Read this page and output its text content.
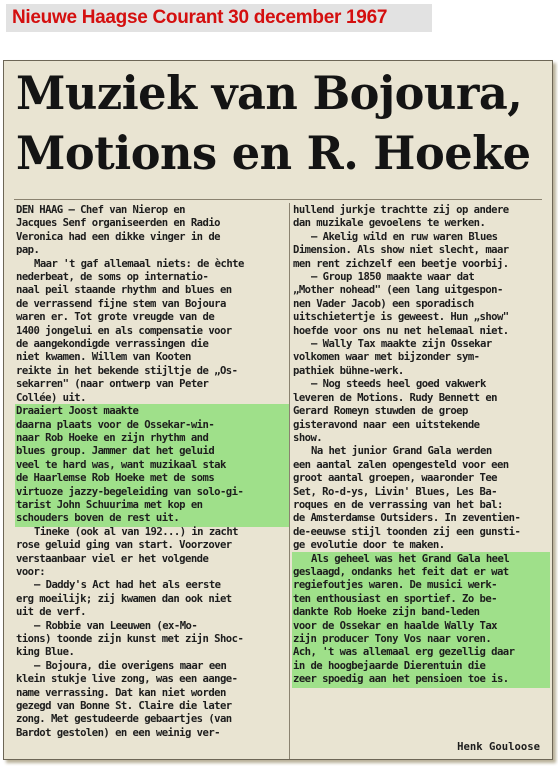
Nieuwe Haagse Courant 30 december 1967
Muziek van Bojoura,
Motions en R. Hoeke

DEN HAAG — Chef van Nierop en
Jacques Senf organiseerden en Radio
Veronica had een dikke vinger in de
pap.

Maar 't gaf allemaal niets: de èchte
nederbeat, de soms op internatio-
naal peil staande rhythm and blues en
de verrassend fijne stem van Bojoura
waren er. Tot grote vreugde van de
1400 jongelui en als compensatie voor
de aangekondigde verrassingen die
niet kwamen. Willem van Kooten
reikte in het bekende stijltje de „Os-
sekarren" (naar ontwerp van Peter
Collée) uit.
Draaiert Joost maakte
daarna plaats voor de Ossekar-win-
naar Rob Hoeke en zijn rhythm and
blues group. Jammer dat het geluid
veel te hard was, want muzikaal stak
de Haarlemse Rob Hoeke met de soms
virtuoze jazzy-begeleiding van solo-gi-
tarist John Schuurima met kop en
schouders boven de rest uit.

Tineke (ook al van 192...) in zacht
rose geluid ging van start. Voorzover
verstaanbaar viel er het volgende
voor:

— Daddy's Act had het als eerste
erg moeilijk; zij kwamen dan ook niet
uit de verf.

— Robbie van Leeuwen (ex-Mo-
tions) toonde zijn kunst met zijn Shoc-
king Blue.

— Bojoura, die overigens maar een
klein stukje live zong, was een aange-
name verrassing. Dat kan niet worden
gezegd van Bonne St. Claire die later
zong. Met gestudeerde gebaartjes (van
Bardot gestolen) en een weinig ver-

hullend jurkje trachtte zij op andere
dan muzikale gevoelens te werken.

— Akelig wild en ruw waren Blues
Dimension. Als show niet slecht, maar
men rent zichzelf een beetje voorbij.

— Group 1850 maakte waar dat
„Mother nohead" (een lang uitgespon-
nen Vader Jacob) een sporadisch
uitschietertje is geweest. Hun „show"
hoefde voor ons nu net helemaal niet.

— Wally Tax maakte zijn Ossekar
volkomen waar met bijzonder sym-
pathiek bühne-werk.

— Nog steeds heel goed vakwerk
leveren de Motions. Rudy Bennett en
Gerard Romeyn stuwden de groep
gisteravond naar een uitstekende
show.

Na het junior Grand Gala werden
een aantal zalen opengesteld voor een
groot aantal groepen, waaronder Tee
Set, Ro-d-ys, Livin' Blues, Les Ba-
roques en de verrassing van het bal:
de Amsterdamse Outsiders. In zeventien-
de-eeuwse stijl toonden zij een gunsti-
ge evolutie door te maken.

Als geheel was het Grand Gala heel
geslaagd, ondanks het feit dat er wat
regiefoutjes waren. De musici werk-
ten enthousiast en sportief. Zo be-
dankte Rob Hoeke zijn band-leden
voor de Ossekar en haalde Wally Tax
zijn producer Tony Vos naar voren.
Ach, 't was allemaal erg gezellig daar
in de hoogbejaarde Dierentuin die
zeer spoedig aan het pensioen toe is.

Henk Gouloose
